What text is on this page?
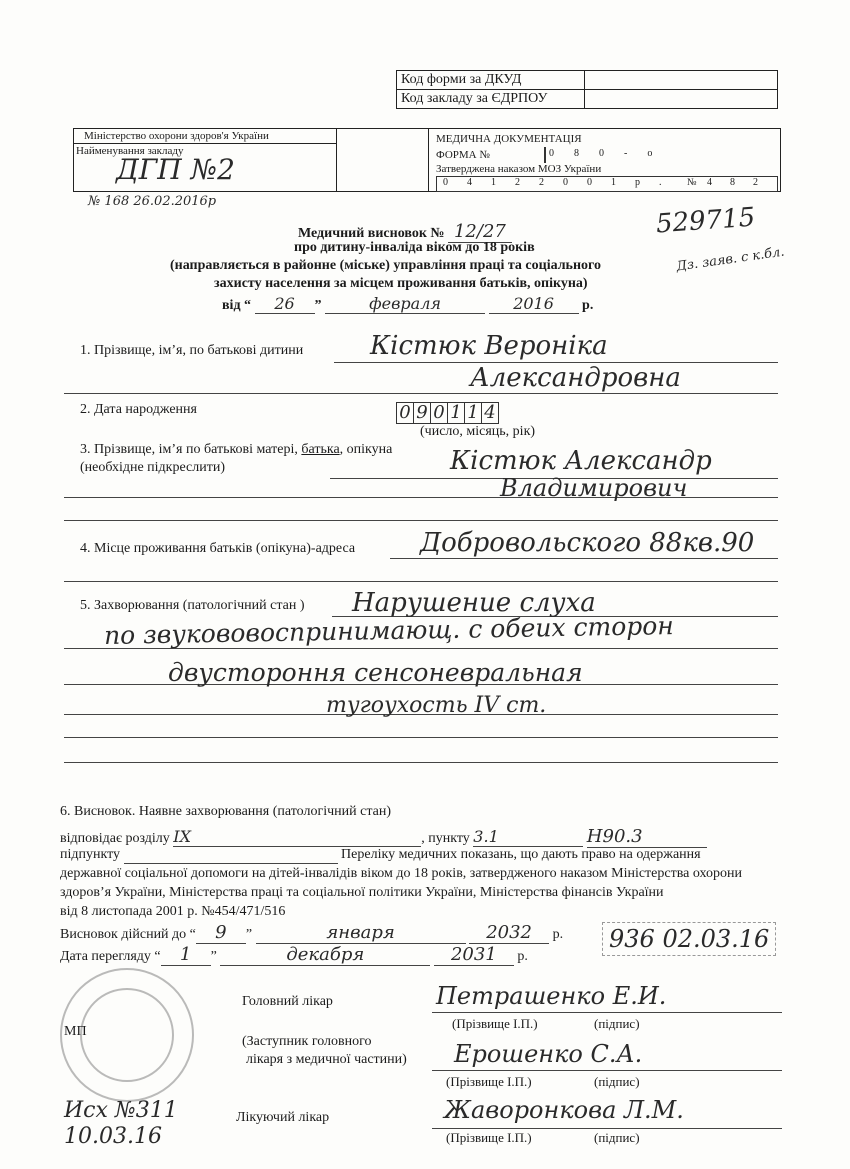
Код форми за ДКУД	
Код закладу за ЄДРПОУ	
Міністерство охорони здоров'я України
Найменування закладу
ДГП №2
МЕДИЧНА ДОКУМЕНТАЦІЯ
ФОРМА №	080-о
Затверджена наказом МОЗ України
04122001р. № 482
№ 168 26.02.2016р
529715
Дз. заяв. с к.бл.
Медичний висновок № 12/27
про дитину-інваліда віком до 18 років
(направляється в районне (міське) управління праці та соціального
захисту населення за місцем проживання батьків, опікуна)
від “ 26 ”	февраля	2016 р.
1. Прізвище, ім’я, по батькові дитини	Кістюк Вероніка
Александровна
2. Дата народження	0 9 0 1 1 4
(число, місяць, рік)
3. Прізвище, ім’я по батькові матері, батька, опікуна
(необхідне підкреслити)	Кістюк Александр
Владимирович
4. Місце проживання батьків (опікуна)-адреса Добровольского 88кв.90
5. Захворювання (патологічний стан ) Нарушение слуха
по звукововоспринимающ. с обеих сторон
двустороння сенсоневральная
тугоухость IV ст.
6. Висновок. Наявне захворювання (патологічний стан)
відповідає розділу IX	, пункту 3.1	Н90.3
підпункту	Переліку медичних показань, що дають право на одержання
державної соціальної допомоги на дітей-інвалідів віком до 18 років, затвердженого наказом Міністерства охорони
здоров’я України, Міністерства праці та соціальної політики України, Міністерства фінансів України
від 8 листопада 2001 р. №454/471/516
Висновок дійсний до “ 9 ”	января	2032 р.
Дата перегляду “ 1 ”	декабря	2031 р.
936 02.03.16
МП
Головний лікар	Петрашенко Е.И.
(Прізвище І.П.)	(підпис)
(Заступник головного
лікаря з медичної частини) Ерошенко С.А.
(Прізвище І.П.)	(підпис)
Лікуючий лікар	Жаворонкова Л.М.
(Прізвище І.П.)	(підпис)
Исх №311
10.03.16
